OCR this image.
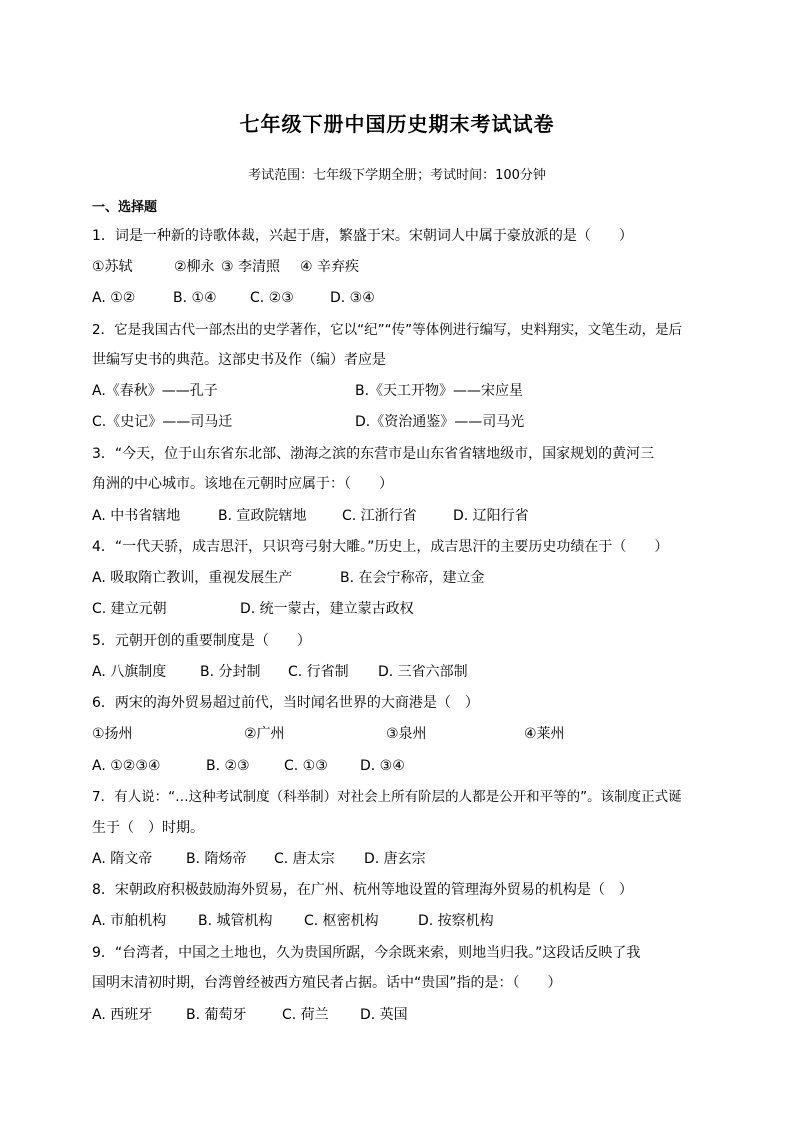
七年级下册中国历史期末考试试卷
考试范围：七年级下学期全册；考试时间：100分钟
一、选择题
1．词是一种新的诗歌体裁，兴起于唐，繁盛于宋。宋朝词人中属于豪放派的是（　　）
①苏轼	②柳永 ③ 李清照 ④ 辛弃疾
A. ①②	B. ①④ C. ②③	D. ③④
2．它是我国古代一部杰出的史学著作，它以“纪”“传”等体例进行编写，史料翔实，文笔生动，是后
世编写史书的典范。这部史书及作（编）者应是
A.《春秋》——孔子	B.《天工开物》——宋应星
C.《史记》——司马迁	D.《资治通鉴》——司马光
3．“今天，位于山东省东北部、渤海之滨的东营市是山东省省辖地级市，国家规划的黄河三
角洲的中心城市。该地在元朝时应属于：（　　）
A. 中书省辖地	B. 宣政院辖地	C. 江浙行省	D. 辽阳行省
4．“一代天骄，成吉思汗，只识弯弓射大雕。”历史上，成吉思汗的主要历史功绩在于（　　）
A. 吸取隋亡教训，重视发展生产	B. 在会宁称帝，建立金
C. 建立元朝	D. 统一蒙古，建立蒙古政权
5．元朝开创的重要制度是（　　）
A. 八旗制度 B. 分封制 C. 行省制 D. 三省六部制
6．两宋的海外贸易超过前代，当时闻名世界的大商港是（　）
①扬州	②广州	③泉州	④莱州
A. ①②③④	B. ②③ C. ①③ D. ③④
7．有人说：“…这种考试制度（科举制）对社会上所有阶层的人都是公开和平等的”。该制度正式诞
生于（　）时期。
A. 隋文帝 B. 隋炀帝 C. 唐太宗 D. 唐玄宗
8．宋朝政府积极鼓励海外贸易，在广州、杭州等地设置的管理海外贸易的机构是（　）
A. 市舶机构 B. 城管机构 C. 枢密机构	D. 按察机构
9．“台湾者，中国之土地也，久为贵国所踞，今余既来索，则地当归我。”这段话反映了我
国明末清初时期，台湾曾经被西方殖民者占据。话中“贵国”指的是：（　　）
A. 西班牙 B. 葡萄牙	C. 荷兰 D. 英国
